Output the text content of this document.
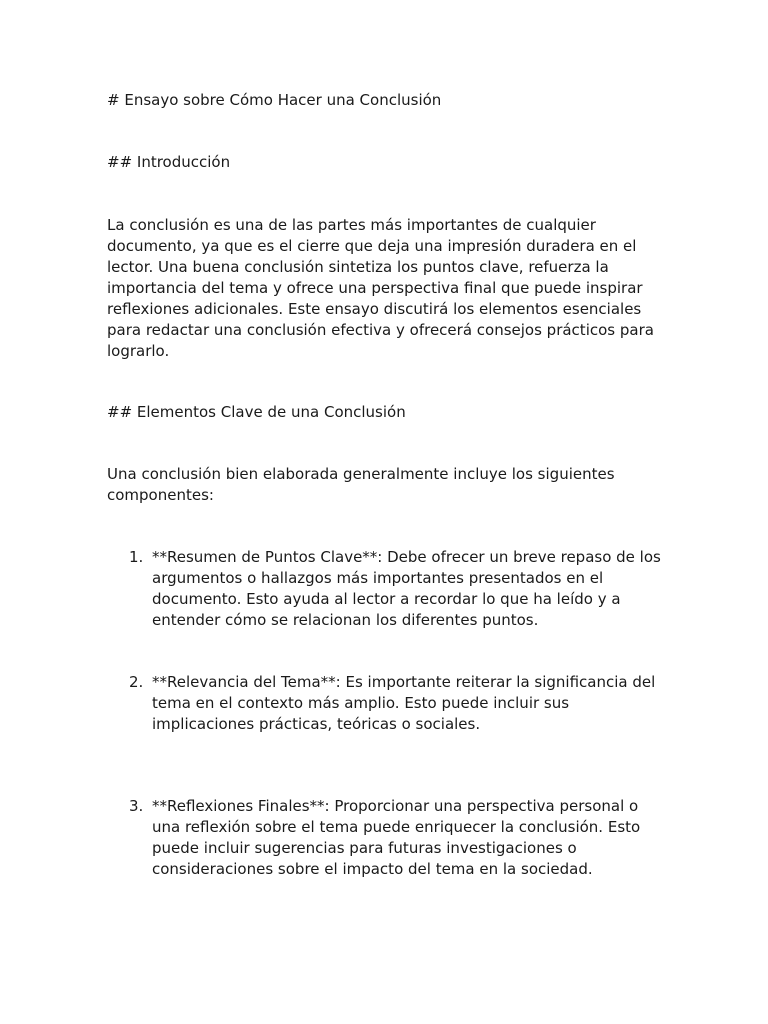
# Ensayo sobre Cómo Hacer una Conclusión
## Introducción

La conclusión es una de las partes más importantes de cualquier documento, ya que es el cierre que deja una impresión duradera en el lector. Una buena conclusión sintetiza los puntos clave, refuerza la importancia del tema y ofrece una perspectiva final que puede inspirar reflexiones adicionales. Este ensayo discutirá los elementos esenciales para redactar una conclusión efectiva y ofrecerá consejos prácticos para lograrlo.

## Elementos Clave de una Conclusión

Una conclusión bien elaborada generalmente incluye los siguientes componentes:

1. **Resumen de Puntos Clave**: Debe ofrecer un breve repaso de los argumentos o hallazgos más importantes presentados en el documento. Esto ayuda al lector a recordar lo que ha leído y a entender cómo se relacionan los diferentes puntos.

2. **Relevancia del Tema**: Es importante reiterar la significancia del tema en el contexto más amplio. Esto puede incluir sus implicaciones prácticas, teóricas o sociales.

3. **Reflexiones Finales**: Proporcionar una perspectiva personal o una reflexión sobre el tema puede enriquecer la conclusión. Esto puede incluir sugerencias para futuras investigaciones o consideraciones sobre el impacto del tema en la sociedad.
